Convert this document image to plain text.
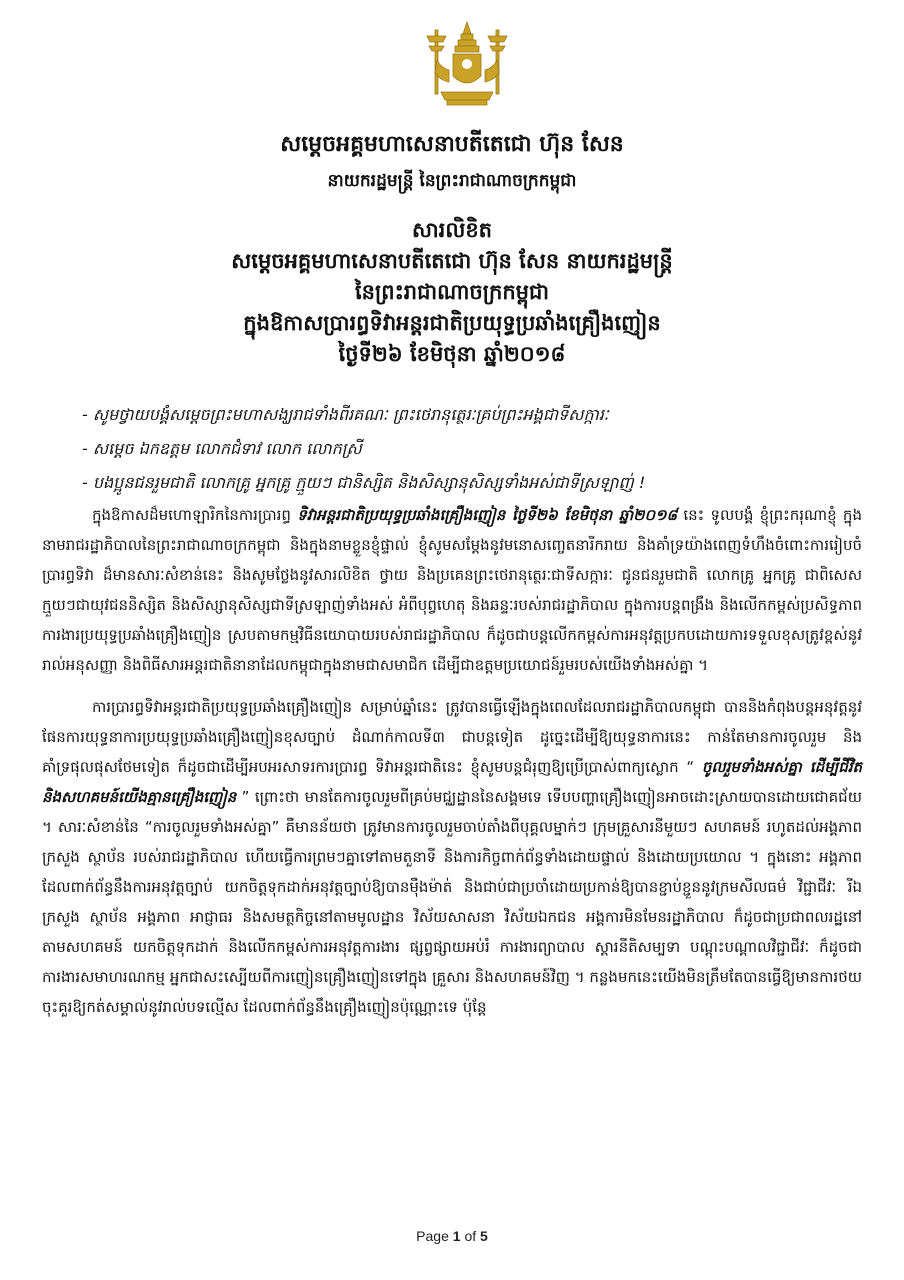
សម្តេចអគ្គមហាសេនាបតីតេជោ ហ៊ុន សែន
នាយករដ្ឋមន្ត្រី នៃព្រះរាជាណាចក្រកម្ពុជា
សារលិខិត
សម្តេចអគ្គមហាសេនាបតីតេជោ ហ៊ុន សែន នាយករដ្ឋមន្ត្រី
នៃព្រះរាជាណាចក្រកម្ពុជា
ក្នុងឱកាសប្រារព្ធទិវាអន្តរជាតិប្រយុទ្ធប្រឆាំងគ្រឿងញៀន
ថ្ងៃទី២៦ ខែមិថុនា ឆ្នាំ២០១៨
- សូមថ្វាយបង្គំសម្តេចព្រះមហាសង្ឃរាជទាំងពីរគណៈ ព្រះថេរានុត្ថេរៈគ្រប់ព្រះអង្គជាទីសក្ការៈ
- សម្តេច ឯកឧត្តម លោកជំទាវ លោក លោកស្រី
- បងប្អូនជនរួមជាតិ លោកគ្រូ អ្នកគ្រូ ក្មួយៗ ជានិស្សិត និងសិស្សានុសិស្សទាំងអស់ជាទីស្រឡាញ់ !

ក្នុងឱកាសដ៏មហោឡារិកនៃការប្រារព្ធ ទិវាអន្តរជាតិប្រយុទ្ធប្រឆាំងគ្រឿងញៀន ថ្ងៃទី២៦ ខែមិថុនា ឆ្នាំ២០១៨ នេះ ទូលបង្គំ ខ្ញុំព្រះករុណាខ្ញុំ ក្នុងនាមរាជរដ្ឋាភិបាលនៃព្រះរាជាណាចក្រកម្ពុជា និងក្នុងនាមខ្លួនខ្ញុំផ្ទាល់ ខ្ញុំសូមសម្តែងនូវមនោសញ្ចេតនារីករាយ និងគាំទ្រយ៉ាងពេញទំហឹងចំពោះការរៀបចំប្រារព្ធទិវា ដ៏មានសារៈសំខាន់នេះ និងសូមថ្លែងនូវសារលិខិត ថ្វាយ និងប្រគេនព្រះថេរានុត្ថេរៈជាទីសក្ការៈ ជូនជនរួមជាតិ លោកគ្រូ អ្នកគ្រូ ជាពិសេសក្មួយៗជាយុវជននិស្សិត និងសិស្សានុសិស្សជាទីស្រឡាញ់ទាំងអស់ អំពីបុព្វហេតុ និងឆន្ទៈរបស់រាជរដ្ឋាភិបាល ក្នុងការបន្តពង្រឹង និងលើកកម្ពស់ប្រសិទ្ធភាពការងារប្រយុទ្ធប្រឆាំងគ្រឿងញៀន ស្របតាមកម្មវិធីនយោបាយរបស់រាជរដ្ឋាភិបាល ក៏ដូចជាបន្តលើកកម្ពស់ការអនុវត្តប្រកបដោយការទទួលខុសត្រូវខ្ពស់នូវរាល់អនុសញ្ញា និងពិធីសារអន្តរជាតិនានាដែលកម្ពុជាក្នុងនាមជាសមាជិក ដើម្បីជាឧត្តមប្រយោជន៍រួមរបស់យើងទាំងអស់គ្នា ។

ការប្រារព្ធទិវាអន្តរជាតិប្រយុទ្ធប្រឆាំងគ្រឿងញៀន សម្រាប់ឆ្នាំនេះ ត្រូវបានធ្វើឡើងក្នុងពេលដែលរាជរដ្ឋាភិបាលកម្ពុជា បាននិងកំពុងបន្តអនុវត្តនូវផែនការយុទ្ធនាការប្រយុទ្ធប្រឆាំងគ្រឿងញៀនខុសច្បាប់ ដំណាក់កាលទី៣ ជាបន្តទៀត ដូច្នេះដើម្បីឱ្យយុទ្ធនាការនេះ កាន់តែមានការចូលរួម និងគាំទ្រផុលផុសថែមទៀត ក៏ដូចជាដើម្បីអបអរសាទរការប្រារព្ធ ទិវាអន្តរជាតិនេះ ខ្ញុំសូមបន្តជំរុញឱ្យប្រើប្រាស់ពាក្យស្លោក “ ចូលរួមទាំងអស់គ្នា ដើម្បីជីវិត និងសហគមន៍យើងគ្មានគ្រឿងញៀន ” ព្រោះថា មានតែការចូលរួមពីគ្រប់មជ្ឈដ្ឋាននៃសង្គមទេ ទើបបញ្ហាគ្រឿងញៀនអាចដោះស្រាយបានដោយជោគជ័យ ។ សារៈសំខាន់នៃ “ការចូលរួមទាំងអស់គ្នា” គឺមានន័យថា ត្រូវមានការចូលរួមចាប់តាំងពីបុគ្គលម្នាក់ៗ ក្រុមគ្រួសារនីមួយៗ សហគមន៍ រហូតដល់អង្គភាព ក្រសួង ស្ថាប័ន របស់រាជរដ្ឋាភិបាល ហើយធ្វើការព្រមៗគ្នាទៅតាមតួនាទី និងការកិច្ចពាក់ព័ន្ធទាំងដោយផ្ទាល់ និងដោយប្រយោល ។ ក្នុងនោះ អង្គភាព ដែលពាក់ព័ន្ធនឹងការអនុវត្តច្បាប់ យកចិត្តទុកដាក់អនុវត្តច្បាប់ឱ្យបានម៉ឺងម៉ាត់ និងជាប់ជាប្រចាំដោយប្រកាន់ឱ្យបានខ្ជាប់ខ្ជួននូវក្រមសីលធម៌ វិជ្ជាជីវៈ រីឯក្រសួង ស្ថាប័ន អង្គភាព អាជ្ញាធរ និងសមត្ថកិច្ចនៅតាមមូលដ្ឋាន វិស័យសាសនា វិស័យឯកជន អង្គការមិនមែនរដ្ឋាភិបាល ក៏ដូចជាប្រជាពលរដ្ឋនៅតាមសហគមន៍ យកចិត្តទុកដាក់ និងលើកកម្ពស់ការអនុវត្តការងារ ផ្សព្វផ្សាយអប់រំ ការងារព្យាបាល ស្តារនីតិសម្បទា បណ្តុះបណ្តាលវិជ្ជាជីវៈ ក៏ដូចជាការងារសមាហរណកម្ម អ្នកជាសះស្បើយពីការញៀនគ្រឿងញៀនទៅក្នុង គ្រួសារ និងសហគមន៍វិញ ។ កន្លងមកនេះយើងមិនត្រឹមតែបានធ្វើឱ្យមានការថយចុះគួរឱ្យកត់សម្គាល់នូវរាល់បទល្មើស ដែលពាក់ព័ន្ធនឹងគ្រឿងញៀនប៉ុណ្ណោះទេ ប៉ុន្តែ

Page 1 of 5
